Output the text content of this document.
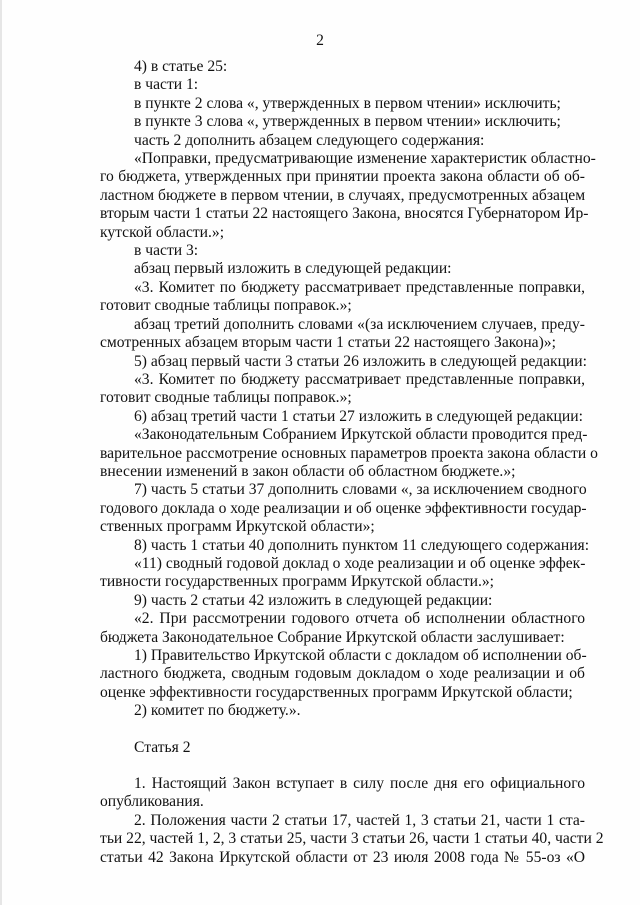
2

4) в статье 25:

в части 1:

в пункте 2 слова «, утвержденных в первом чтении» исключить;

в пункте 3 слова «, утвержденных в первом чтении» исключить;

часть 2 дополнить абзацем следующего содержания:

«Поправки, предусматривающие изменение характеристик областно-
го бюджета, утвержденных при принятии проекта закона области об об-
ластном бюджете в первом чтении, в случаях, предусмотренных абзацем
вторым части 1 статьи 22 настоящего Закона, вносятся Губернатором Ир-
кутской области.»;

в части 3:

абзац первый изложить в следующей редакции:

«3. Комитет по бюджету рассматривает представленные поправки,
готовит сводные таблицы поправок.»;

абзац третий дополнить словами «(за исключением случаев, преду-
смотренных абзацем вторым части 1 статьи 22 настоящего Закона)»;

5) абзац первый части 3 статьи 26 изложить в следующей редакции:

«3. Комитет по бюджету рассматривает представленные поправки,
готовит сводные таблицы поправок.»;

6) абзац третий части 1 статьи 27 изложить в следующей редакции:

«Законодательным Собранием Иркутской области проводится пред-
варительное рассмотрение основных параметров проекта закона области о
внесении изменений в закон области об областном бюджете.»;

7) часть 5 статьи 37 дополнить словами «, за исключением сводного
годового доклада о ходе реализации и об оценке эффективности государ-
ственных программ Иркутской области»;

8) часть 1 статьи 40 дополнить пунктом 11 следующего содержания:

«11) сводный годовой доклад о ходе реализации и об оценке эффек-
тивности государственных программ Иркутской области.»;

9) часть 2 статьи 42 изложить в следующей редакции:

«2. При рассмотрении годового отчета об исполнении областного
бюджета Законодательное Собрание Иркутской области заслушивает:

1) Правительство Иркутской области с докладом об исполнении об-
ластного бюджета, сводным годовым докладом о ходе реализации и об
оценке эффективности государственных программ Иркутской области;

2) комитет по бюджету.».

Статья 2

1. Настоящий Закон вступает в силу после дня его официального
опубликования.

2. Положения части 2 статьи 17, частей 1, 3 статьи 21, части 1 ста-
тьи 22, частей 1, 2, 3 статьи 25, части 3 статьи 26, части 1 статьи 40, части 2
статьи 42 Закона Иркутской области от 23 июля 2008 года № 55-оз «О
